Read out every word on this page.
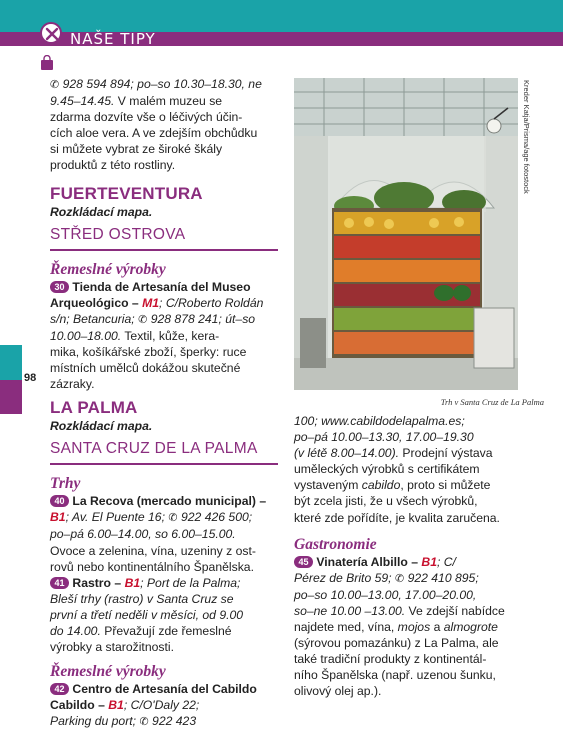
NAŠE TIPY
98
✆ 928 594 894; po–so 10.30–18.30, ne 9.45–14.45. V malém muzeu se
zdarma dozvíte vše o léčivých účin-
cích aloe vera. A ve zdejším obchůdku
si můžete vybrat ze široké škály
produktů z této rostliny.
FUERTEVENTURA
Rozkládací mapa.
STŘED OSTROVA
Řemeslné výrobky
30 Tienda de Artesanía del Museo Arqueológico – M1; C/Roberto Roldán s/n; Betancuria; ✆ 928 878 241; út–so 10.00–18.00. Textil, kůže, kera-
mika, košíkářské zboží, šperky: ruce
místních umělců dokážou skutečné
zázraky.
LA PALMA
Rozkládací mapa.
SANTA CRUZ DE LA PALMA
Trhy
40 La Recova (mercado municipal) –
B1; Av. El Puente 16; ✆ 922 426 500;
po–pá 6.00–14.00, so 6.00–15.00.
Ovoce a zelenina, vína, uzeniny z ost-
rovů nebo kontinentálního Španělska.
41 Rastro – B1; Port de la Palma;
Bleší trhy (rastro) v Santa Cruz se
první a třetí neděli v měsíci, od 9.00
do 14.00. Převažují zde řemeslné
výrobky a starožitnosti.
Řemeslné výrobky
42 Centro de Artesanía del Cabildo
Cabildo – B1; C/O'Daly 22;
Parking du port; ✆ 922 423
Kreder Katja/Prisma/age fotostock
Trh v Santa Cruz de La Palma
100; www.cabildodelapalma.es;
po–pá 10.00–13.30, 17.00–19.30
(v létě 8.00–14.00). Prodejní výstava
uměleckých výrobků s certifikátem
vystaveným cabildo, proto si můžete
být zcela jisti, že u všech výrobků,
které zde pořídíte, je kvalita zaručena.
Gastronomie
45 Vinatería Albillo – B1; C/
Pérez de Brito 59; ✆ 922 410 895;
po–so 10.00–13.00, 17.00–20.00,
so–ne 10.00 –13.00. Ve zdejší nabídce
najdete med, vína, mojos a almogrote
(sýrovou pomazánku) z La Palma, ale
také tradiční produkty z kontinentál-
ního Španělska (např. uzenou šunku,
olivový olej ap.).
